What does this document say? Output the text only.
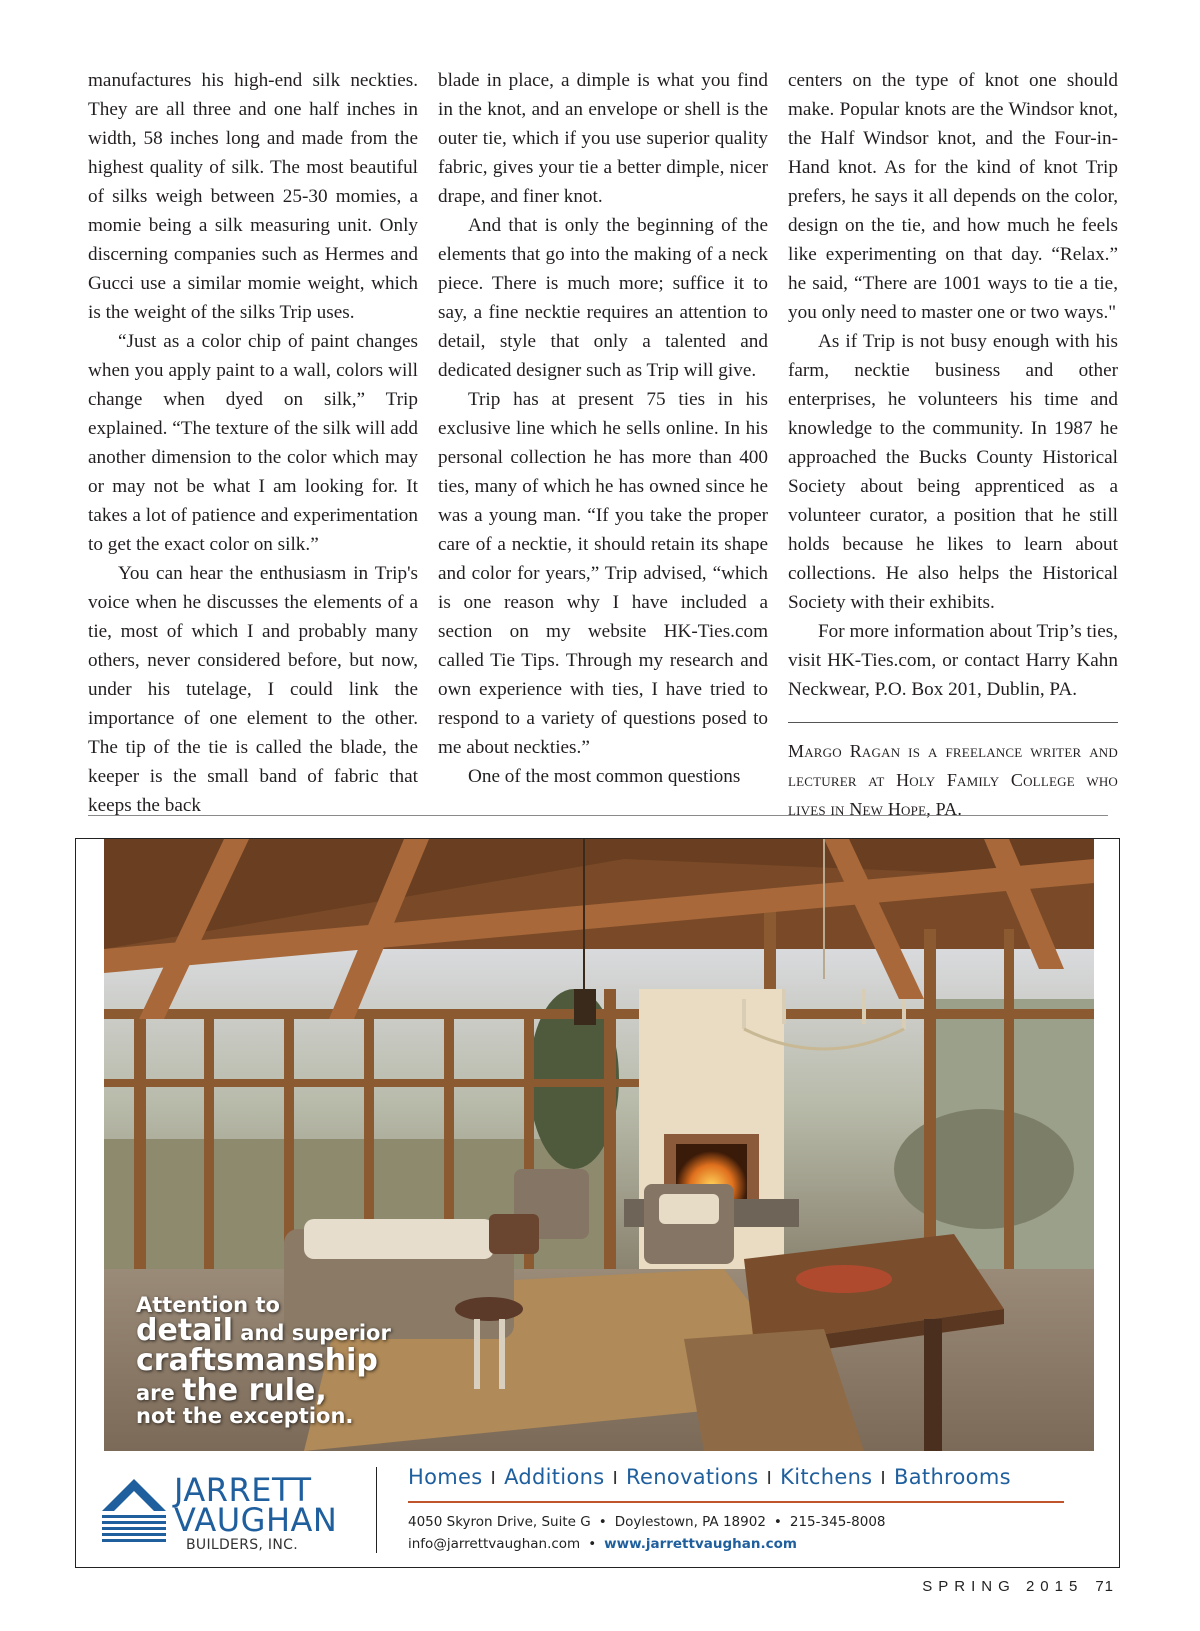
manufactures his high-end silk neckties. They are all three and one half inches in width, 58 inches long and made from the highest quality of silk. The most beautiful of silks weigh between 25-30 momies, a momie being a silk measuring unit. Only discerning companies such as Hermes and Gucci use a similar momie weight, which is the weight of the silks Trip uses.

“Just as a color chip of paint changes when you apply paint to a wall, colors will change when dyed on silk,” Trip explained. “The texture of the silk will add another dimension to the color which may or may not be what I am looking for. It takes a lot of patience and experimentation to get the exact color on silk.”

You can hear the enthusiasm in Trip's voice when he discusses the elements of a tie, most of which I and probably many others, never considered before, but now, under his tutelage, I could link the importance of one element to the other. The tip of the tie is called the blade, the keeper is the small band of fabric that keeps the back

blade in place, a dimple is what you find in the knot, and an envelope or shell is the outer tie, which if you use superior quality fabric, gives your tie a better dimple, nicer drape, and finer knot.

And that is only the beginning of the elements that go into the making of a neck piece. There is much more; suffice it to say, a fine necktie requires an attention to detail, style that only a talented and dedicated designer such as Trip will give.

Trip has at present 75 ties in his exclusive line which he sells online. In his personal collection he has more than 400 ties, many of which he has owned since he was a young man. “If you take the proper care of a necktie, it should retain its shape and color for years,” Trip advised, “which is one reason why I have included a section on my website HK-Ties.com called Tie Tips. Through my research and own experience with ties, I have tried to respond to a variety of questions posed to me about neckties.”

One of the most common questions

centers on the type of knot one should make. Popular knots are the Windsor knot, the Half Windsor knot, and the Four-in-Hand knot. As for the kind of knot Trip prefers, he says it all depends on the color, design on the tie, and how much he feels like experimenting on that day. “Relax.” he said, “There are 1001 ways to tie a tie, you only need to master one or two ways."

As if Trip is not busy enough with his farm, necktie business and other enterprises, he volunteers his time and knowledge to the community. In 1987 he approached the Bucks County Historical Society about being apprenticed as a volunteer curator, a position that he still holds because he likes to learn about collections. He also helps the Historical Society with their exhibits.

For more information about Trip’s ties, visit HK-Ties.com, or contact Harry Kahn Neckwear, P.O. Box 201, Dublin, PA.

Margo Ragan is a freelance writer and lecturer at Holy Family College who lives in New Hope, PA.
Attention to
detail and superior
craftsmanship
are the rule,
not the exception.
JARRETT
VAUGHAN
BUILDERS, INC.
Homes I Additions I Renovations I Kitchens I Bathrooms
4050 Skyron Drive, Suite G • Doylestown, PA 18902 • 215-345-8008
info@jarrettvaughan.com • www.jarrettvaughan.com
SPRING 2015 71
